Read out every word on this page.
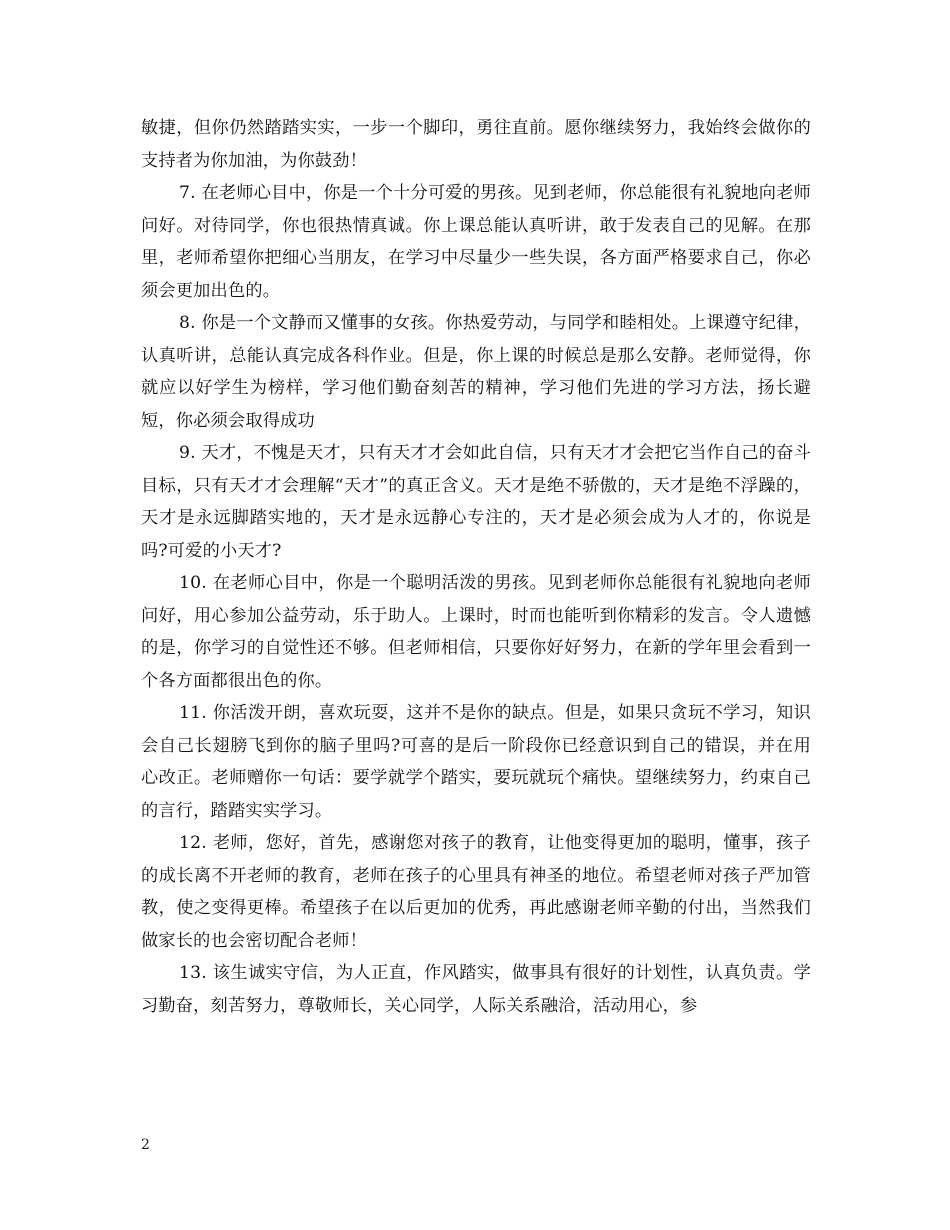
敏捷，但你仍然踏踏实实，一步一个脚印，勇往直前。愿你继续努力，我始终会做你的支持者为你加油，为你鼓劲！

7. 在老师心目中，你是一个十分可爱的男孩。见到老师，你总能很有礼貌地向老师问好。对待同学，你也很热情真诚。你上课总能认真听讲，敢于发表自己的见解。在那里，老师希望你把细心当朋友，在学习中尽量少一些失误，各方面严格要求自己，你必须会更加出色的。

8. 你是一个文静而又懂事的女孩。你热爱劳动，与同学和睦相处。上课遵守纪律，认真听讲，总能认真完成各科作业。但是，你上课的时候总是那么安静。老师觉得，你就应以好学生为榜样，学习他们勤奋刻苦的精神，学习他们先进的学习方法，扬长避短，你必须会取得成功

9. 天才，不愧是天才，只有天才才会如此自信，只有天才才会把它当作自己的奋斗目标，只有天才才会理解“天才”的真正含义。天才是绝不骄傲的，天才是绝不浮躁的，天才是永远脚踏实地的，天才是永远静心专注的，天才是必须会成为人才的，你说是吗?可爱的小天才?

10. 在老师心目中，你是一个聪明活泼的男孩。见到老师你总能很有礼貌地向老师问好，用心参加公益劳动，乐于助人。上课时，时而也能听到你精彩的发言。令人遗憾的是，你学习的自觉性还不够。但老师相信，只要你好好努力，在新的学年里会看到一个各方面都很出色的你。

11. 你活泼开朗，喜欢玩耍，这并不是你的缺点。但是，如果只贪玩不学习，知识会自己长翅膀飞到你的脑子里吗?可喜的是后一阶段你已经意识到自己的错误，并在用心改正。老师赠你一句话：要学就学个踏实，要玩就玩个痛快。望继续努力，约束自己的言行，踏踏实实学习。

12. 老师，您好，首先，感谢您对孩子的教育，让他变得更加的聪明，懂事，孩子的成长离不开老师的教育，老师在孩子的心里具有神圣的地位。希望老师对孩子严加管教，使之变得更棒。希望孩子在以后更加的优秀，再此感谢老师辛勤的付出，当然我们做家长的也会密切配合老师！

13. 该生诚实守信，为人正直，作风踏实，做事具有很好的计划性，认真负责。学习勤奋，刻苦努力，尊敬师长，关心同学，人际关系融洽，活动用心，参

2
